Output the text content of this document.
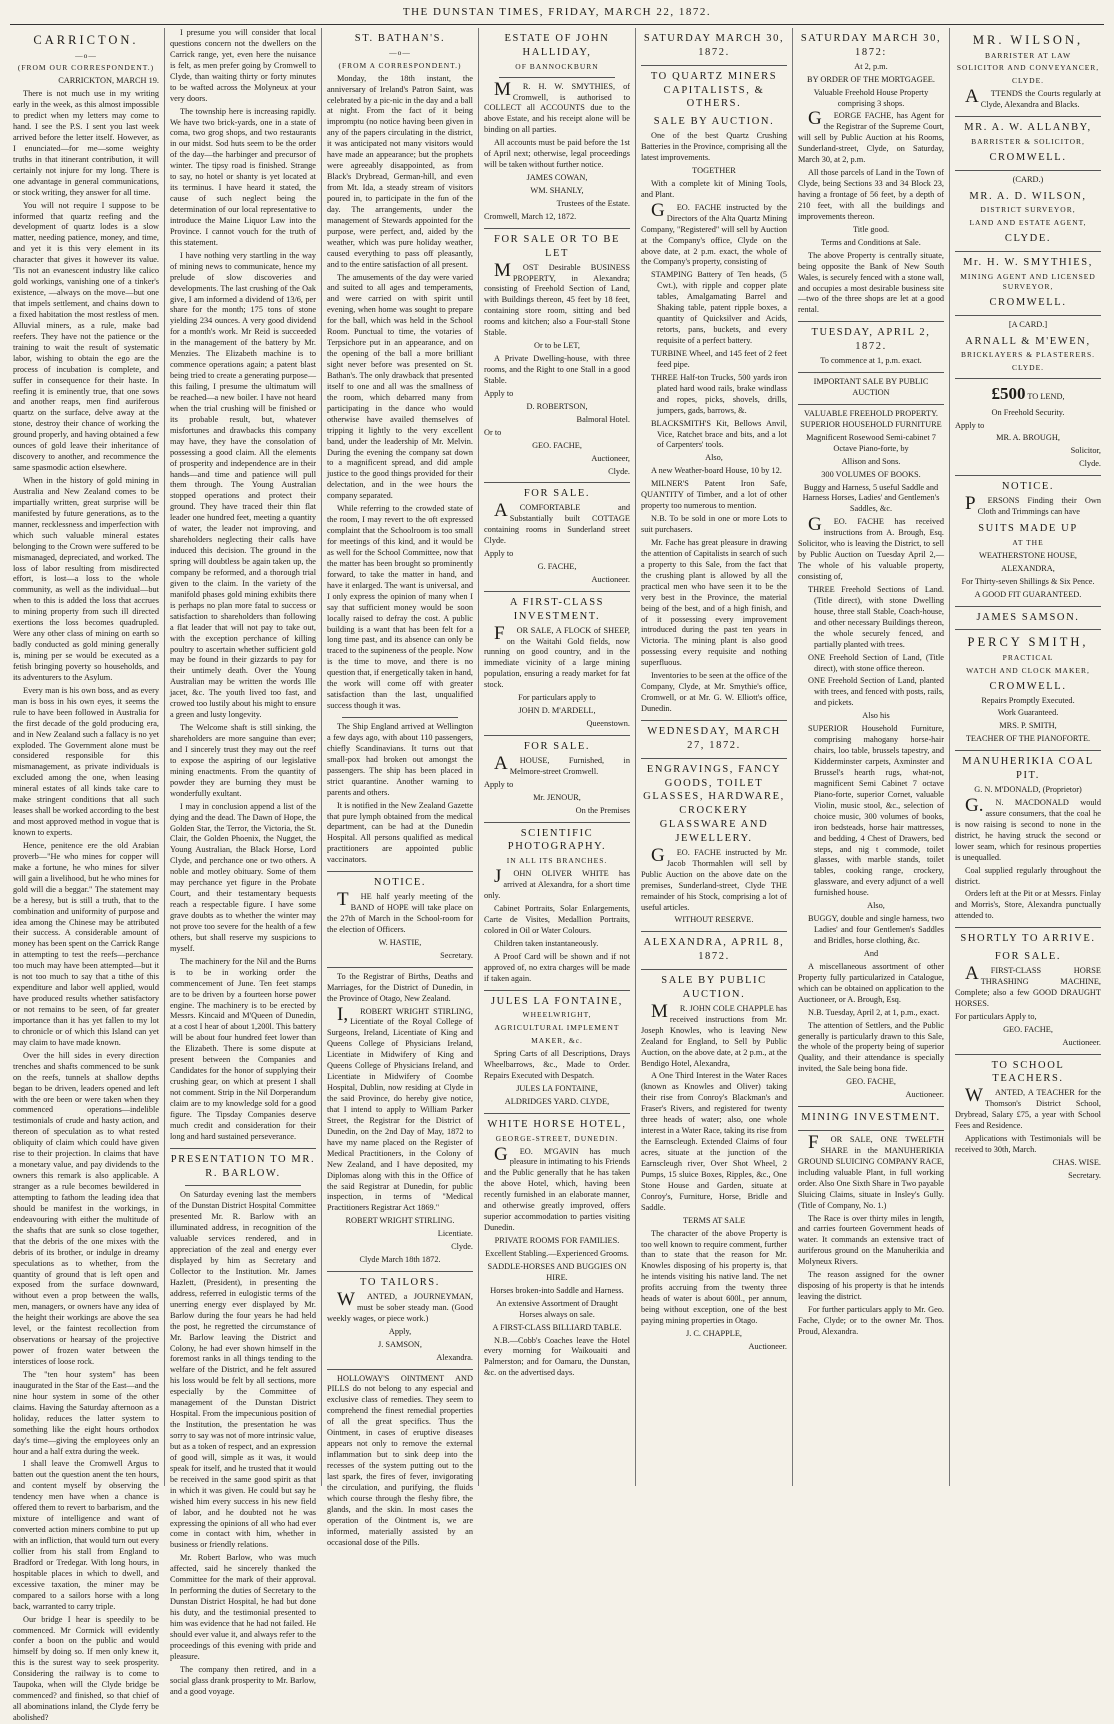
THE DUNSTAN TIMES, FRIDAY, MARCH 22, 1872.
CARRICTON.
—o—
(FROM OUR CORRESPONDENT.)
CARRICKTON, MARCH 19.

There is not much use in my writing early in the week, as this almost impossible to predict when my letters may come to hand. I see the P.S. I sent you last week arrived before the letter itself. However, as I enunciated—for me—some weighty truths in that itinerant contribution, it will certainly not injure for my long. There is one advantage in general communications, or stock writing, they answer for all time.

You will not require I suppose to be informed that quartz reefing and the development of quartz lodes is a slow matter, needing patience, money, and time, and yet it is this very element in its character that gives it however its value. 'Tis not an evanescent industry like calico gold workings, vanishing one of a tinker's existence, —always on the move—but one that impels settlement, and chains down to a fixed habitation the most restless of men. Alluvial miners, as a rule, make bad reefers. They have not the patience or the training to wait the result of systematic labor, wishing to obtain the ego are the process of incubation is complete, and suffer in consequence for their haste. In reefing it is eminently true, that one sows and another reaps, men find auriferous quartz on the surface, delve away at the stone, destroy their chance of working the ground properly, and having obtained a few ounces of gold leave their inheritance of discovery to another, and recommence the same spasmodic action elsewhere.

When in the history of gold mining in Australia and New Zealand comes to be impartially written, great surprise will be manifested by future generations, as to the manner, recklessness and imperfection with which such valuable mineral estates belonging to the Crown were suffered to be mismanaged, depreciated, and worked. The loss of labor resulting from misdirected effort, is lost—a loss to the whole community, as well as the individual—but when to this is added the loss that accrues to mining property from such ill directed exertions the loss becomes quadrupled. Were any other class of mining on earth so badly conducted as gold mining generally is, mining per se would be executed as a fetish bringing poverty so households, and its adventurers to the Asylum.

Every man is his own boss, and as every man is boss in his own eyes, it seems the rule to have been followed in Australia for the first decade of the gold producing era, and in New Zealand such a fallacy is no yet exploded. The Government alone must be considered responsible for this mismanagement, as private individuals is excluded among the one, when leasing mineral estates of all kinds take care to make stringent conditions that all such leases shall be worked according to the best and most approved method in vogue that is known to experts.

Hence, penitence ere the old Arabian proverb—"He who mines for copper will make a fortune, he who mines for silver will gain a livelihood, but he who mines for gold will die a beggar." The statement may be a heresy, but is still a truth, that to the combination and uniformity of purpose and idea among the Chinese may be attributed their success. A considerable amount of money has been spent on the Carrick Range in attempting to test the reefs—perchance too much may have been attempted—but it is not too much to say that a tithe of this expenditure and labor well applied, would have produced results whether satisfactory or not remains to be seen, of far greater importance than it has yet fallen to my lot to chronicle or of which this Island can yet may claim to have made known.

Over the hill sides in every direction trenches and shafts commenced to be sunk on the reefs, tunnels at shallow depths began to be driven, leaders opened and left with the ore been or were taken when they commenced operations—indelible testimonials of crude and hasty action, and thereon of speculation as to what rested obliquity of claim which could have given rise to their projection. In claims that have a monetary value, and pay dividends to the owners this remark is also applicable. A stranger as a rule becomes bewildered in attempting to fathom the leading idea that should be manifest in the workings, in endeavouring with either the multitude of the shafts that are sunk so close together, that the debris of the one mixes with the debris of its brother, or indulge in dreamy speculations as to whether, from the quantity of ground that is left open and exposed from the surface downward, without even a prop between the walls, men, managers, or owners have any idea of the height their workings are above the sea level, or the faintest recollection from observations or hearsay of the projective power of frozen water between the interstices of loose rock.

The "ten hour system" has been inaugurated in the Star of the East—and the nine hour system in some of the other claims. Having the Saturday afternoon as a holiday, reduces the latter system to something like the eight hours orthodox day's time—giving the employees only an hour and a half extra during the week.

I shall leave the Cromwell Argus to batten out the question anent the ten hours, and content myself by observing the tendency men have when a chance is offered them to revert to barbarism, and the mixture of intelligence and want of converted action miners combine to put up with an infliction, that would turn out every collier from his stall from England to Bradford or Tredegar. With long hours, in hospitable places in which to dwell, and excessive taxation, the miner may be compared to a sailors horse with a long back, warranted to carry triple.

Our bridge I hear is speedily to be commenced. Mr Cormick will evidently confer a boon on the public and would himself by doing so. If men only knew it, this is the surest way to seek prosperity. Considering the railway is to come to Taupoka, when will the Clyde bridge be commenced? and finished, so that chief of all abominations inland, the Clyde ferry be abolished?

I presume you will consider that local questions concern not the dwellers on the Carrick range, yet, even here the nuisance is felt, as men prefer going by Cromwell to Clyde, than waiting thirty or forty minutes to be wafted across the Molyneux at your very doors.

The township here is increasing rapidly. We have two brick-yards, one in a state of coma, two grog shops, and two restaurants in our midst. Sod huts seem to be the order of the day—the harbinger and precursor of winter. The tipsy road is finished. Strange to say, no hotel or shanty is yet located at its terminus. I have heard it stated, the cause of such neglect being the determination of our local representative to introduce the Maine Liquor Law into the Province. I cannot vouch for the truth of this statement.

I have nothing very startling in the way of mining news to communicate, hence my prelude of slow discoveries and developments. The last crushing of the Oak give, I am informed a dividend of 13/6, per share for the month; 175 tons of stone yielding 234 ounces. A very good dividend for a month's work. Mr Reid is succeeded in the management of the battery by Mr. Menzies. The Elizabeth machine is to commence operations again; a patent blast being tried to create a generating purpose—this failing, I presume the ultimatum will be reached—a new boiler. I have not heard when the trial crushing will be finished or its probable result, but, whatever misfortunes and drawbacks this company may have, they have the consolation of possessing a good claim. All the elements of prosperity and independence are in their hands—and time and patience will pull them through. The Young Australian stopped operations and protect their ground. They have traced their thin flat leader one hundred feet, meeting a quantity of water, the leader not improving, and shareholders neglecting their calls have induced this decision. The ground in the spring will doubtless be again taken up, the company be reformed, and a thorough trial given to the claim. In the variety of the manifold phases gold mining exhibits there is perhaps no plan more fatal to success or satisfaction to shareholders than following a flat leader that will not pay to take out, with the exception perchance of killing poultry to ascertain whether sufficient gold may be found in their gizzards to pay for their untimely death. Over the Young Australian may be written the words Ille jacet, &c. The youth lived too fast, and crowed too lustily about his might to ensure a green and lusty longevity.

The Welcome shaft is still sinking, the shareholders are more sanguine than ever; and I sincerely trust they may out the reef to expose the aspiring of our legislative mining enactments. From the quantity of powder they are burning they must be wonderfully exultant.

I may in conclusion append a list of the dying and the dead. The Dawn of Hope, the Golden Star, the Terror, the Victoria, the St. Clair, the Golden Phoenix, the Nugget, the Young Australian, the Black Horse, Lord Clyde, and perchance one or two others. A noble and motley obituary. Some of them may perchance yet figure in the Probate Court, and their testamentary bequests reach a respectable figure. I have some grave doubts as to whether the winter may not prove too severe for the health of a few others, but shall reserve my suspicions to myself.

The machinery for the Nil and the Burns is to be in working order the commencement of June. Ten feet stamps are to be driven by a fourteen horse power engine. The machinery is to be erected by Messrs. Kincaid and M'Queen of Dunedin, at a cost I hear of about 1,200l. This battery will be about four hundred feet lower than the Elizabeth. There is some dispute at present between the Companies and Candidates for the honor of supplying their crushing gear, on which at present I shall not comment. Strip in the Nil Dorperandum claim are to my knowledge sold for a good figure. The Tipsday Companies deserve much credit and consideration for their long and hard sustained perseverance.

PRESENTATION TO MR. R. BARLOW.

On Saturday evening last the members of the Dunstan District Hospital Committee presented Mr. R. Barlow with an illuminated address, in recognition of the valuable services rendered, and in appreciation of the zeal and energy ever displayed by him as Secretary and Collector to the Institution. Mr. James Hazlett, (President), in presenting the address, referred in eulogistic terms of the unerring energy ever displayed by Mr. Barlow during the four years he had held the post, he regretted the circumstance of Mr. Barlow leaving the District and Colony, he had ever shown himself in the foremost ranks in all things tending to the welfare of the District, and he felt assured his loss would be felt by all sections, more especially by the Committee of management of the Dunstan District Hospital. From the impecunious position of the Institution, the presentation he was sorry to say was not of more intrinsic value, but as a token of respect, and an expression of good will, simple as it was, it would speak for itself, and he trusted that it would be received in the same good spirit as that in which it was given. He could but say he wished him every success in his new field of labor, and he doubted not he was expressing the opinions of all who had ever come in contact with him, whether in business or friendly relations.

Mr. Robert Barlow, who was much affected, said he sincerely thanked the Committee for the mark of their approval. In performing the duties of Secretary to the Dunstan District Hospital, he had but done his duty, and the testimonial presented to him was evidence that he had not failed. He should ever value it, and always refer to the proceedings of this evening with pride and pleasure.

The company then retired, and in a social glass drank prosperity to Mr. Barlow, and a good voyage.

ST. BATHAN'S.
—o—
(FROM A CORRESPONDENT.)

Monday, the 18th instant, the anniversary of Ireland's Patron Saint, was celebrated by a pic-nic in the day and a ball at night. From the fact of it being impromptu (no notice having been given in any of the papers circulating in the district, it was anticipated not many visitors would have made an appearance; but the prophets were agreeably disappointed, as from Black's Drybread, German-hill, and even from Mt. Ida, a steady stream of visitors poured in, to participate in the fun of the day. The arrangements, under the management of Stewards appointed for the purpose, were perfect, and, aided by the weather, which was pure holiday weather, caused everything to pass off pleasantly, and to the entire satisfaction of all present.

The amusements of the day were varied and suited to all ages and temperaments, and were carried on with spirit until evening, when home was sought to prepare for the ball, which was held in the School Room. Punctual to time, the votaries of Terpsichore put in an appearance, and on the opening of the ball a more brilliant sight never before was presented on St. Bathan's. The only drawback that presented itself to one and all was the smallness of the room, which debarred many from participating in the dance who would otherwise have availed themselves of tripping it lightly to the very excellent band, under the leadership of Mr. Melvin. During the evening the company sat down to a magnificent spread, and did ample justice to the good things provided for their delectation, and in the wee hours the company separated.

While referring to the crowded state of the room, I may revert to the oft expressed complaint that the Schoolroom is too small for meetings of this kind, and it would be as well for the School Committee, now that the matter has been brought so prominently forward, to take the matter in hand, and have it enlarged. The want is universal, and I only express the opinion of many when I say that sufficient money would be soon locally raised to defray the cost. A public building is a want that has been felt for a long time past, and its absence can only be traced to the supineness of the people. Now is the time to move, and there is no question that, if energetically taken in hand, the work will come off with greater satisfaction than the last, unqualified success though it was.

The Ship England arrived at Wellington a few days ago, with about 110 passengers, chiefly Scandinavians. It turns out that small-pox had broken out amongst the passengers. The ship has been placed in strict quarantine. Another warning to parents and others.

It is notified in the New Zealand Gazette that pure lymph obtained from the medical department, can be had at the Dunedin Hospital. All persons qualified as medical practitioners are appointed public vaccinators.

NOTICE.

THE half yearly meeting of the BAND of HOPE will take place on the 27th of March in the School-room for the election of Officers.

W. HASTIE,
Secretary.

To the Registrar of Births, Deaths and Marriages, for the District of Dunedin, in the Province of Otago, New Zealand.

I,ROBERT WRIGHT STIRLING, Licentiate of the Royal College of Surgeons, Ireland, Licentiate of King and Queens College of Physicians Ireland, Licentiate in Midwifery of King and Queens College of Physicians Ireland, and Licentiate in Midwifery of Coombe Hospital, Dublin, now residing at Clyde in the said Province, do hereby give notice, that I intend to apply to William Parker Street, the Registrar for the District of Dunedin, on the 2nd Day of May, 1872 to have my name placed on the Register of Medical Practitioners, in the Colony of New Zealand, and I have deposited, my Diplomas along with this in the Office of the said Registrar at Dunedin, for public inspection, in terms of "Medical Practitioners Registrar Act 1869."

ROBERT WRIGHT STIRLING.
Licentiate.
Clyde.
Clyde March 18th 1872.
TO TAILORS.

WANTED, a JOURNEYMAN, must be sober steady man. (Good weekly wages, or piece work.)

Apply,
J. SAMSON,
Alexandra.

HOLLOWAY'S OINTMENT AND PILLS do not belong to any especial and exclusive class of remedies. They seem to comprehend the finest remedial properties of all the great specifics. Thus the Ointment, in cases of eruptive diseases appears not only to remove the external inflammation but to sink deep into the recesses of the system putting out to the last spark, the fires of fever, invigorating the circulation, and purifying, the fluids which course through the fleshy fibre, the glands, and the skin. In most cases the operation of the Ointment is, we are informed, materially assisted by an occasional dose of the Pills.

ESTATE OF JOHN HALLIDAY,
OF BANNOCKBURN

MR. H. W. SMYTHIES, of Cromwell, is authorised to COLLECT all ACCOUNTS due to the above Estate, and his receipt alone will be binding on all parties.

All accounts must be paid before the 1st of April next; otherwise, legal proceedings will be taken without further notice.

JAMES COWAN,
WM. SHANLY,
Trustees of the Estate.
Cromwell, March 12, 1872.
FOR SALE OR TO BE LET

MOST Desirable BUSINESS PROPERTY, in Alexandra; consisting of Freehold Section of Land, with Buildings thereon, 45 feet by 18 feet, containing store room, sitting and bed rooms and kitchen; also a Four-stall Stone Stable.

Or to be LET,

A Private Dwelling-house, with three rooms, and the Right to one Stall in a good Stable.

Apply to
D. ROBERTSON,
Balmoral Hotel.
Or to
GEO. FACHE,
Auctioneer,
Clyde.
FOR SALE.

ACOMFORTABLE and Substantially built COTTAGE containing rooms in Sunderland street Clyde.

Apply to
G. FACHE,
Auctioneer.
A FIRST-CLASS INVESTMENT.

FOR SALE, A FLOCK of SHEEP, on the Waitahi Gold fields, now running on good country, and in the immediate vicinity of a large mining population, ensuring a ready market for fat stock.

For particulars apply to
JOHN D. M'ARDELL,
Queenstown.
FOR SALE.

AHOUSE, Furnished, in Melmore-street Cromwell.

Apply to
Mr. JENOUR,
On the Premises
SCIENTIFIC PHOTOGRAPHY.
IN ALL ITS BRANCHES.

JOHN OLIVER WHITE has arrived at Alexandra, for a short time only.

Cabinet Portraits, Solar Enlargements, Carte de Visites, Medallion Portraits, colored in Oil or Water Colours.

Children taken instantaneously.

A Proof Card will be shown and if not approved of, no extra charges will be made if taken again.

JULES LA FONTAINE,
WHEELWRIGHT,
AGRICULTURAL IMPLEMENT
MAKER, &c.

Spring Carts of all Descriptions, Drays Wheelbarrows, &c., Made to Order. Repairs Executed with Despatch.

JULES LA FONTAINE,
ALDRIDGES YARD. CLYDE,
WHITE HORSE HOTEL,
GEORGE-STREET, DUNEDIN.

GEO. M'GAVIN has much pleasure in intimating to his Friends and the Public generally that he has taken the above Hotel, which, having been recently furnished in an elaborate manner, and otherwise greatly improved, offers superior accommodation to parties visiting Dunedin.

PRIVATE ROOMS FOR FAMILIES.
Excellent Stabling.—Experienced Grooms.
SADDLE-HORSES AND BUGGIES ON HIRE.
Horses broken-into Saddle and Harness.
An extensive Assortment of Draught Horses always on sale.
A FIRST-CLASS BILLIARD TABLE.

N.B.—Cobb's Coaches leave the Hotel every morning for Waikouaiti and Palmerston; and for Oamaru, the Dunstan, &c. on the advertised days.

SATURDAY MARCH 30, 1872.
TO QUARTZ MINERS CAPITALISTS, & OTHERS.
SALE BY AUCTION.

One of the best Quartz Crushing Batteries in the Province, comprising all the latest improvements.

TOGETHER

With a complete kit of Mining Tools, and Plant.

GEO. FACHE instructed by the Directors of the Alta Quartz Mining Company, "Registered" will sell by Auction at the Company's office, Clyde on the above date, at 2 p.m. exact, the whole of the Company's property, consisting of

STAMPING Battery of Ten heads, (5 Cwt.), with ripple and copper plate tables, Amalgamating Barrel and Shaking table, patent ripple boxes, a quantity of Quicksilver and Acids, retorts, pans, buckets, and every requisite of a perfect battery.
TURBINE Wheel, and 145 feet of 2 feet feed pipe.
THREE Half-ton Trucks, 500 yards iron plated hard wood rails, brake windlass and ropes, picks, shovels, drills, jumpers, gads, barrows, &.
BLACKSMITH'S Kit, Bellows Anvil, Vice, Ratchet brace and bits, and a lot of Carpenters' tools.
Also,

A new Weather-board House, 10 by 12.

MILNER'S Patent Iron Safe, QUANTITY of Timber, and a lot of other property too numerous to mention.

N.B. To be sold in one or more Lots to suit purchasers.

Mr. Fache has great pleasure in drawing the attention of Capitalists in search of such a property to this Sale, from the fact that the crushing plant is allowed by all the practical men who have seen it to be the very best in the Province, the material being of the best, and of a high finish, and of it possessing every improvement introduced during the past ten years in Victoria. The mining plant is also good possessing every requisite and nothing superfluous.

Inventories to be seen at the office of the Company, Clyde, at Mr. Smythie's office, Cromwell, or at Mr. G. W. Elliott's office, Dunedin.

WEDNESDAY, MARCH 27, 1872.
ENGRAVINGS, FANCY GOODS, TOILET GLASSES, HARDWARE, CROCKERY GLASSWARE AND JEWELLERY.

GEO. FACHE instructed by Mr. Jacob Thormahlen will sell by Public Auction on the above date on the premises, Sunderland-street, Clyde THE remainder of his Stock, comprising a lot of useful articles.

WITHOUT RESERVE.
ALEXANDRA, APRIL 8, 1872.
SALE BY PUBLIC AUCTION.

MR. JOHN COLE CHAPPLE has received instructions from Mr. Joseph Knowles, who is leaving New Zealand for England, to Sell by Public Auction, on the above date, at 2 p.m., at the Bendigo Hotel, Alexandra,

A One Third Interest in the Water Races (known as Knowles and Oliver) taking their rise from Conroy's Blackman's and Fraser's Rivers, and registered for twenty three heads of water; also, one whole interest in a Water Race, taking its rise from the Earnscleugh. Extended Claims of four acres, situate at the junction of the Earnscleugh river, Over Shot Wheel, 2 Pumps, 15 sluice Boxes, Ripples, &c., One Stone House and Garden, situate at Conroy's, Furniture, Horse, Bridle and Saddle.

TERMS AT SALE

The character of the above Property is too well known to require comment, further than to state that the reason for Mr. Knowles disposing of his property is, that he intends visiting his native land. The net profits accruing from the twenty three heads of water is about 600l., per annum, being without exception, one of the best paying mining properties in Otago.

J. C. CHAPPLE,
Auctioneer.
SATURDAY MARCH 30, 1872:
At 2, p.m.
BY ORDER OF THE MORTGAGEE.
Valuable Freehold House Property comprising 3 shops.

GEORGE FACHE, has Agent for the Registrar of the Supreme Court, will sell by Public Auction at his Rooms, Sunderland-street, Clyde, on Saturday, March 30, at 2, p.m.

All those parcels of Land in the Town of Clyde, being Sections 33 and 34 Block 23, having a frontage of 56 feet, by a depth of 210 feet, with all the buildings and improvements thereon.

Title good.
Terms and Conditions at Sale.

The above Property is centrally situate, being opposite the Bank of New South Wales, is securely fenced with a stone wall, and occupies a most desirable business site—two of the three shops are let at a good rental.

TUESDAY, APRIL 2, 1872.
To commence at 1, p.m. exact.
IMPORTANT SALE BY PUBLIC AUCTION
VALUABLE FREEHOLD PROPERTY. SUPERIOR HOUSEHOLD FURNITURE
Magnificent Rosewood Semi-cabinet 7 Octave Piano-forte, by
Allison and Sons.
300 VOLUMES OF BOOKS.
Buggy and Harness, 5 useful Saddle and Harness Horses, Ladies' and Gentlemen's Saddles, &c.

GEO. FACHE has received instructions from A. Brough, Esq. Solicitor, who is leaving the District, to sell by Public Auction on Tuesday April 2,—The whole of his valuable property, consisting of,

THREE Freehold Sections of Land. (Title direct), with stone Dwelling house, three stall Stable, Coach-house, and other necessary Buildings thereon, the whole securely fenced, and partially planted with trees.
ONE Freehold Section of Land, (Title direct), with stone office thereon.
ONE Freehold Section of Land, planted with trees, and fenced with posts, rails, and pickets.
Also his
SUPERIOR Household Furniture, comprising mahogany horse-hair chairs, loo table, brussels tapestry, and Kidderminster carpets, Axminster and Brussel's hearth rugs, what-not, magnificent Semi Cabinet 7 octave Piano-forte, superior Cornet, valuable Violin, music stool, &c., selection of choice music, 300 volumes of books, iron bedsteads, horse hair mattresses, and bedding, 4 Chest of Drawers, bed steps, and nig t commode, toilet glasses, with marble stands, toilet tables, cooking range, crockery, glassware, and every adjunct of a well furnished house.
Also,
BUGGY, double and single harness, two Ladies' and four Gentlemen's Saddles and Bridles, horse clothing, &c.
And

A miscellaneous assortment of other Property fully particularized in Catalogue, which can be obtained on application to the Auctioneer, or A. Brough, Esq.

N.B. Tuesday, April 2, at 1, p.m., exact.

The attention of Settlers, and the Public generally is particularly drawn to this Sale, the whole of the property being of superior Quality, and their attendance is specially invited, the Sale being bona fide.

GEO. FACHE,
Auctioneer.
MINING INVESTMENT.

FOR SALE, ONE TWELFTH SHARE in the MANUHERIKIA GROUND SLUICING COMPANY RACE, including valuable Plant, in full working order. Also One Sixth Share in Two payable Sluicing Claims, situate in Insley's Gully. (Title of Company, No. 1.)

The Race is over thirty miles in length, and carries fourteen Government heads of water. It commands an extensive tract of auriferous ground on the Manuherikia and Molyneux Rivers.

The reason assigned for the owner disposing of his property is that he intends leaving the district.

For further particulars apply to Mr. Geo. Fache, Clyde; or to the owner Mr. Thos. Proud, Alexandra.

MR. WILSON,
BARRISTER AT LAW
SOLICITOR AND CONVEYANCER,
CLYDE.

ATTENDS the Courts regularly at Clyde, Alexandra and Blacks.

MR. A. W. ALLANBY,
BARRISTER & SOLICITOR,
CROMWELL.
(CARD.)
MR. A. D. WILSON,
DISTRICT SURVEYOR,
LAND AND ESTATE AGENT,
CLYDE.
Mr. H. W. SMYTHIES,
MINING AGENT AND LICENSED SURVEYOR,
CROMWELL.
[A CARD.]
ARNALL & M'EWEN,
BRICKLAYERS & PLASTERERS.
CLYDE.
£500 TO LEND,
On Freehold Security.
Apply to
MR. A. BROUGH,
Solicitor,
Clyde.
NOTICE.

PERSONS Finding their Own Cloth and Trimmings can have

SUITS MADE UP
AT THE
WEATHERSTONE HOUSE,
ALEXANDRA,
For Thirty-seven Shillings & Six Pence.
A GOOD FIT GUARANTEED.
JAMES SAMSON.
PERCY SMITH,
PRACTICAL
WATCH AND CLOCK MAKER,
CROMWELL.
Repairs Promptly Executed.
Work Guaranteed.
MRS. P. SMITH,
TEACHER OF THE PIANOFORTE.
MANUHERIKIA COAL PIT.
G. N. M'DONALD, (Proprietor)

G.N. MACDONALD would assure consumers, that the coal he is now raising is second to none in the district, he having struck the second or lower seam, which for resinous properties is unequalled.

Coal supplied regularly throughout the district.

Orders left at the Pit or at Messrs. Finlay and Morris's, Store, Alexandra punctually attended to.

SHORTLY TO ARRIVE.
FOR SALE.

AFIRST-CLASS HORSE THRASHING MACHINE, Complete; also a few GOOD DRAUGHT HORSES.

For particulars Apply to,
GEO. FACHE,
Auctioneer.
TO SCHOOL TEACHERS.

WANTED, A TEACHER for the Thomson's District School, Drybread, Salary £75, a year with School Fees and Residence.

Applications with Testimonials will be received to 30th, March.

CHAS. WISE.
Secretary.
